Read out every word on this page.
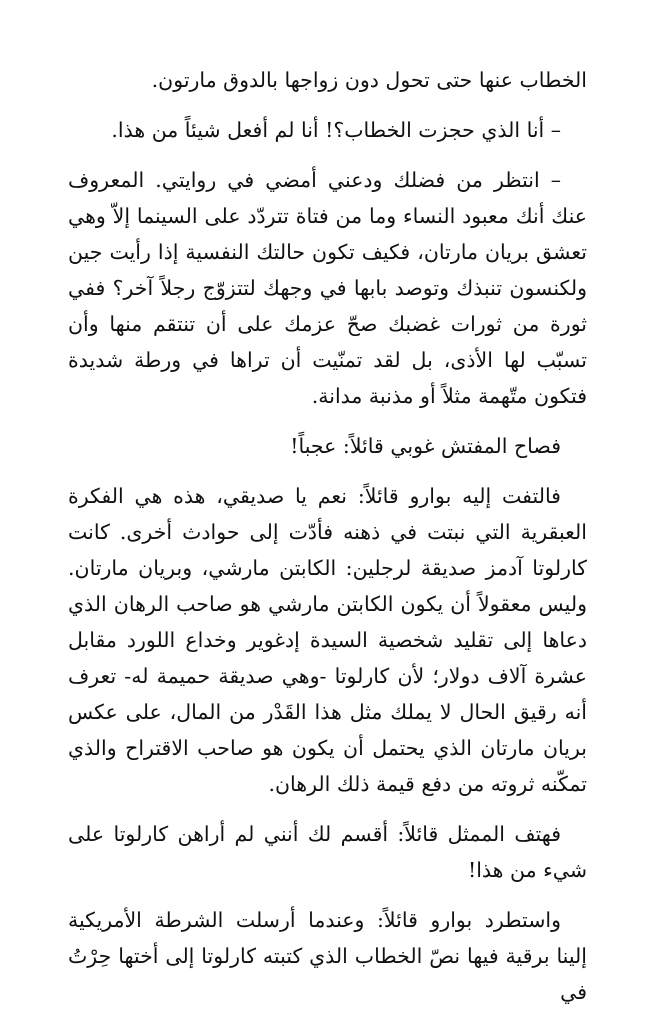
الخطاب عنها حتى تحول دون زواجها بالدوق مارتون.

– أنا الذي حجزت الخطاب؟! أنا لم أفعل شيئاً من هذا.

– انتظر من فضلك ودعني أمضي في روايتي. المعروف عنك أنك معبود النساء وما من فتاة تتردّد على السينما إلاّ وهي تعشق بريان مارتان، فكيف تكون حالتك النفسية إذا رأيت جين ولكنسون تنبذك وتوصد بابها في وجهك لتتزوّج رجلاً آخر؟ ففي ثورة من ثورات غضبك صحّ عزمك على أن تنتقم منها وأن تسبّب لها الأذى، بل لقد تمنّيت أن تراها في ورطة شديدة فتكون متّهمة مثلاً أو مذنبة مدانة.

فصاح المفتش غوبي قائلاً: عجباً!

فالتفت إليه بوارو قائلاً: نعم يا صديقي، هذه هي الفكرة العبقرية التي نبتت في ذهنه فأدّت إلى حوادث أخرى. كانت كارلوتا آدمز صديقة لرجلين: الكابتن مارشي، وبريان مارتان. وليس معقولاً أن يكون الكابتن مارشي هو صاحب الرهان الذي دعاها إلى تقليد شخصية السيدة إدغوير وخداع اللورد مقابل عشرة آلاف دولار؛ لأن كارلوتا -وهي صديقة حميمة له- تعرف أنه رقيق الحال لا يملك مثل هذا القَدْر من المال، على عكس بريان مارتان الذي يحتمل أن يكون هو صاحب الاقتراح والذي تمكّنه ثروته من دفع قيمة ذلك الرهان.

فهتف الممثل قائلاً: أقسم لك أنني لم أراهن كارلوتا على شيء من هذا!

واستطرد بوارو قائلاً: وعندما أرسلت الشرطة الأمريكية إلينا برقية فيها نصّ الخطاب الذي كتبته كارلوتا إلى أختها حِرْتُ في
